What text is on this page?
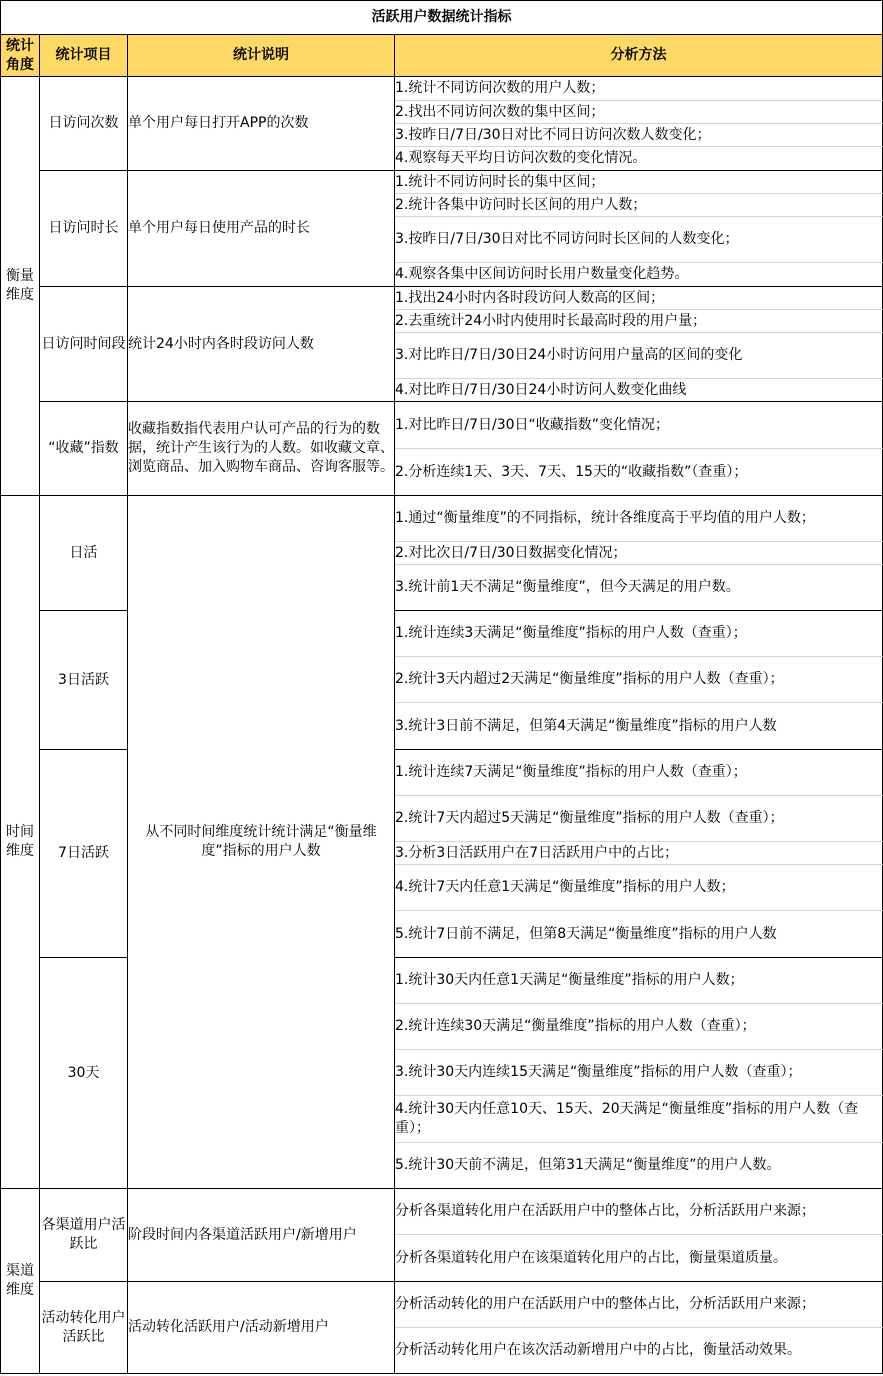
活跃用户数据统计指标			
统计角度	统计项目	统计说明	分析方法
衡量维度	日访问次数	单个用户每日打开APP的次数	1.统计不同访问次数的用户人数；
			2.找出不同访问次数的集中区间；
			3.按昨日/7日/30日对比不同日访问次数人数变化；
			4.观察每天平均日访问次数的变化情况。
	日访问时长	单个用户每日使用产品的时长	1.统计不同访问时长的集中区间；
			2.统计各集中访问时长区间的用户人数；
			3.按昨日/7日/30日对比不同访问时长区间的人数变化；
			4.观察各集中区间访问时长用户数量变化趋势。
	日访问时间段	统计24小时内各时段访问人数	1.找出24小时内各时段访问人数高的区间；
			2.去重统计24小时内使用时长最高时段的用户量；
			3.对比昨日/7日/30日24小时访问用户量高的区间的变化
			4.对比昨日/7日/30日24小时访问人数变化曲线
	“收藏”指数	收藏指数指代表用户认可产品的行为的数据，统计产生该行为的人数。如收藏文章、浏览商品、加入购物车商品、咨询客服等。	1.对比昨日/7日/30日“收藏指数”变化情况；
			2.分析连续1天、3天、7天、15天的“收藏指数”（查重）；
时间维度	日活	从不同时间维度统计统计满足“衡量维度”指标的用户人数	1.通过“衡量维度”的不同指标，统计各维度高于平均值的用户人数；
			2.对比次日/7日/30日数据变化情况；
			3.统计前1天不满足“衡量维度”，但今天满足的用户数。
	3日活跃		1.统计连续3天满足“衡量维度”指标的用户人数（查重）；
			2.统计3天内超过2天满足“衡量维度”指标的用户人数（查重）；
			3.统计3日前不满足，但第4天满足“衡量维度”指标的用户人数
	7日活跃		1.统计连续7天满足“衡量维度”指标的用户人数（查重）；
			2.统计7天内超过5天满足“衡量维度”指标的用户人数（查重）；
			3.分析3日活跃用户在7日活跃用户中的占比；
			4.统计7天内任意1天满足“衡量维度”指标的用户人数；
			5.统计7日前不满足，但第8天满足“衡量维度”指标的用户人数
	30天		1.统计30天内任意1天满足“衡量维度”指标的用户人数；
			2.统计连续30天满足“衡量维度”指标的用户人数（查重）；
			3.统计30天内连续15天满足“衡量维度”指标的用户人数（查重）；
			4.统计30天内任意10天、15天、20天满足“衡量维度”指标的用户人数（查重）；
			5.统计30天前不满足，但第31天满足“衡量维度”的用户人数。
渠道维度	各渠道用户活跃比	阶段时间内各渠道活跃用户/新增用户	分析各渠道转化用户在活跃用户中的整体占比，分析活跃用户来源；
			分析各渠道转化用户在该渠道转化用户的占比，衡量渠道质量。
	活动转化用户活跃比	活动转化活跃用户/活动新增用户	分析活动转化的用户在活跃用户中的整体占比，分析活跃用户来源；
			分析活动转化用户在该次活动新增用户中的占比，衡量活动效果。
